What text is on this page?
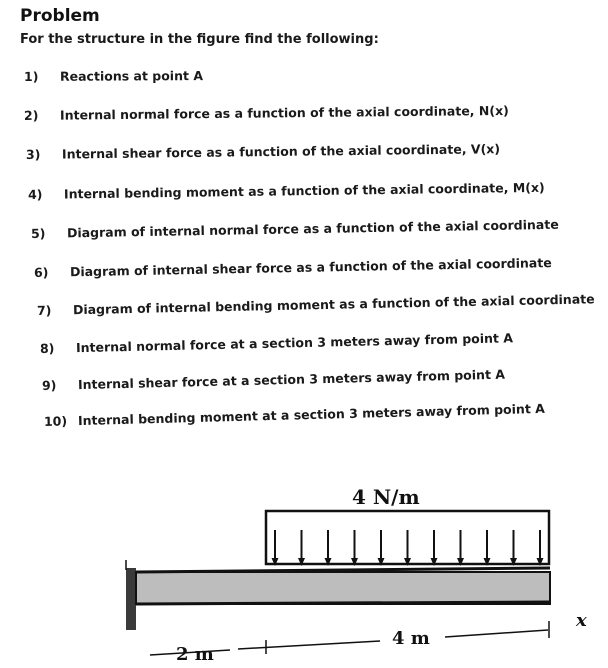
Problem
For the structure in the figure find the following:
1) Reactions at point A
2) Internal normal force as a function of the axial coordinate, N(x)
3) Internal shear force as a function of the axial coordinate, V(x)
4) Internal bending moment as a function of the axial coordinate, M(x)
5) Diagram of internal normal force as a function of the axial coordinate
6) Diagram of internal shear force as a function of the axial coordinate
7) Diagram of internal bending moment as a function of the axial coordinate
8) Internal normal force at a section 3 meters away from point A
9) Internal shear force at a section 3 meters away from point A
10) Internal bending moment at a section 3 meters away from point A
4 N/m
2 m
4 m
x
